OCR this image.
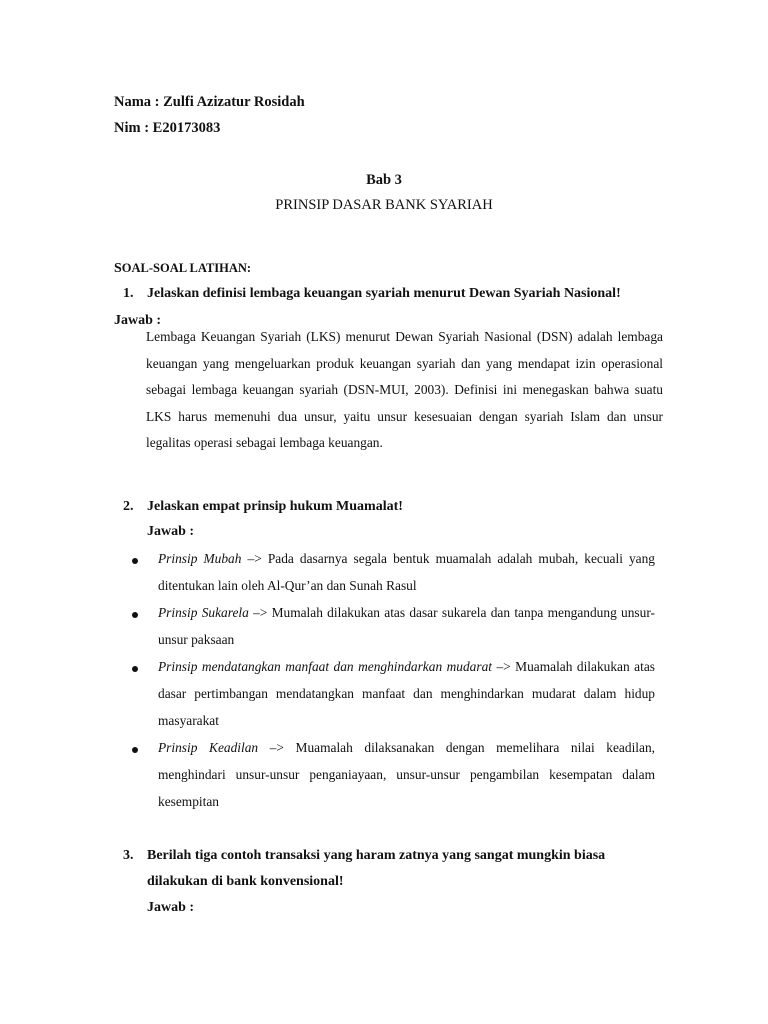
Nama : Zulfi Azizatur Rosidah
Nim : E20173083
Bab 3
PRINSIP DASAR BANK SYARIAH
SOAL-SOAL LATIHAN:
1. Jelaskan definisi lembaga keuangan syariah menurut Dewan Syariah Nasional!
Jawab :
Lembaga Keuangan Syariah (LKS) menurut Dewan Syariah Nasional (DSN) adalah lembaga keuangan yang mengeluarkan produk keuangan syariah dan yang mendapat izin operasional sebagai lembaga keuangan syariah (DSN-MUI, 2003). Definisi ini menegaskan bahwa suatu LKS harus memenuhi dua unsur, yaitu unsur kesesuaian dengan syariah Islam dan unsur legalitas operasi sebagai lembaga keuangan.
2. Jelaskan empat prinsip hukum Muamalat!
Jawab :
Prinsip Mubah –> Pada dasarnya segala bentuk muamalah adalah mubah, kecuali yang ditentukan lain oleh Al-Qur’an dan Sunah Rasul
Prinsip Sukarela –> Mumalah dilakukan atas dasar sukarela dan tanpa mengandung unsur-unsur paksaan
Prinsip mendatangkan manfaat dan menghindarkan mudarat –> Muamalah dilakukan atas dasar pertimbangan mendatangkan manfaat dan menghindarkan mudarat dalam hidup masyarakat
Prinsip Keadilan –> Muamalah dilaksanakan dengan memelihara nilai keadilan, menghindari unsur-unsur penganiayaan, unsur-unsur pengambilan kesempatan dalam kesempitan
3. Berilah tiga contoh transaksi yang haram zatnya yang sangat mungkin biasa
dilakukan di bank konvensional!
Jawab :
